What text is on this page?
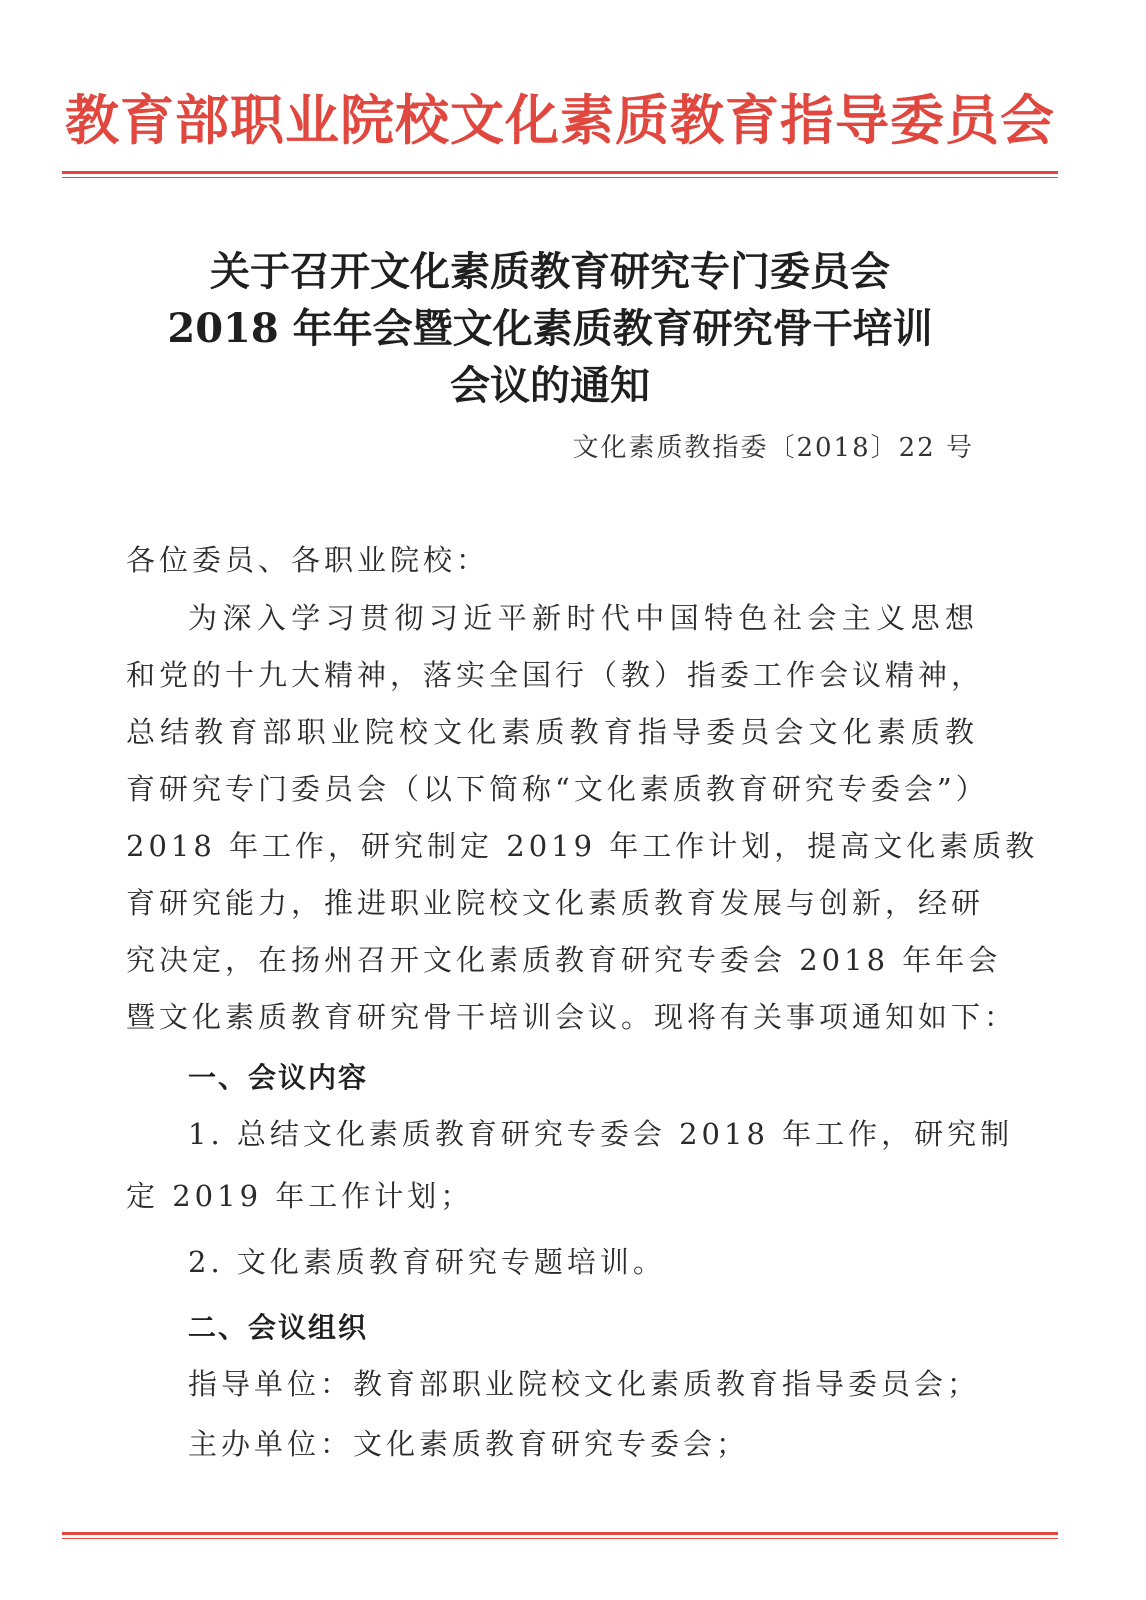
教育部职业院校文化素质教育指导委员会
关于召开文化素质教育研究专门委员会
2018 年年会暨文化素质教育研究骨干培训
会议的通知
文化素质教指委〔2018〕22 号
各位委员、各职业院校：
为深入学习贯彻习近平新时代中国特色社会主义思想
和党的十九大精神，落实全国行（教）指委工作会议精神，
总结教育部职业院校文化素质教育指导委员会文化素质教
育研究专门委员会（以下简称“文化素质教育研究专委会”）
2018 年工作，研究制定 2019 年工作计划，提高文化素质教
育研究能力，推进职业院校文化素质教育发展与创新，经研
究决定，在扬州召开文化素质教育研究专委会 2018 年年会
暨文化素质教育研究骨干培训会议。现将有关事项通知如下：
一、会议内容
1. 总结文化素质教育研究专委会 2018 年工作，研究制
定 2019 年工作计划；
2. 文化素质教育研究专题培训。
二、会议组织
指导单位：教育部职业院校文化素质教育指导委员会；
主办单位：文化素质教育研究专委会；
